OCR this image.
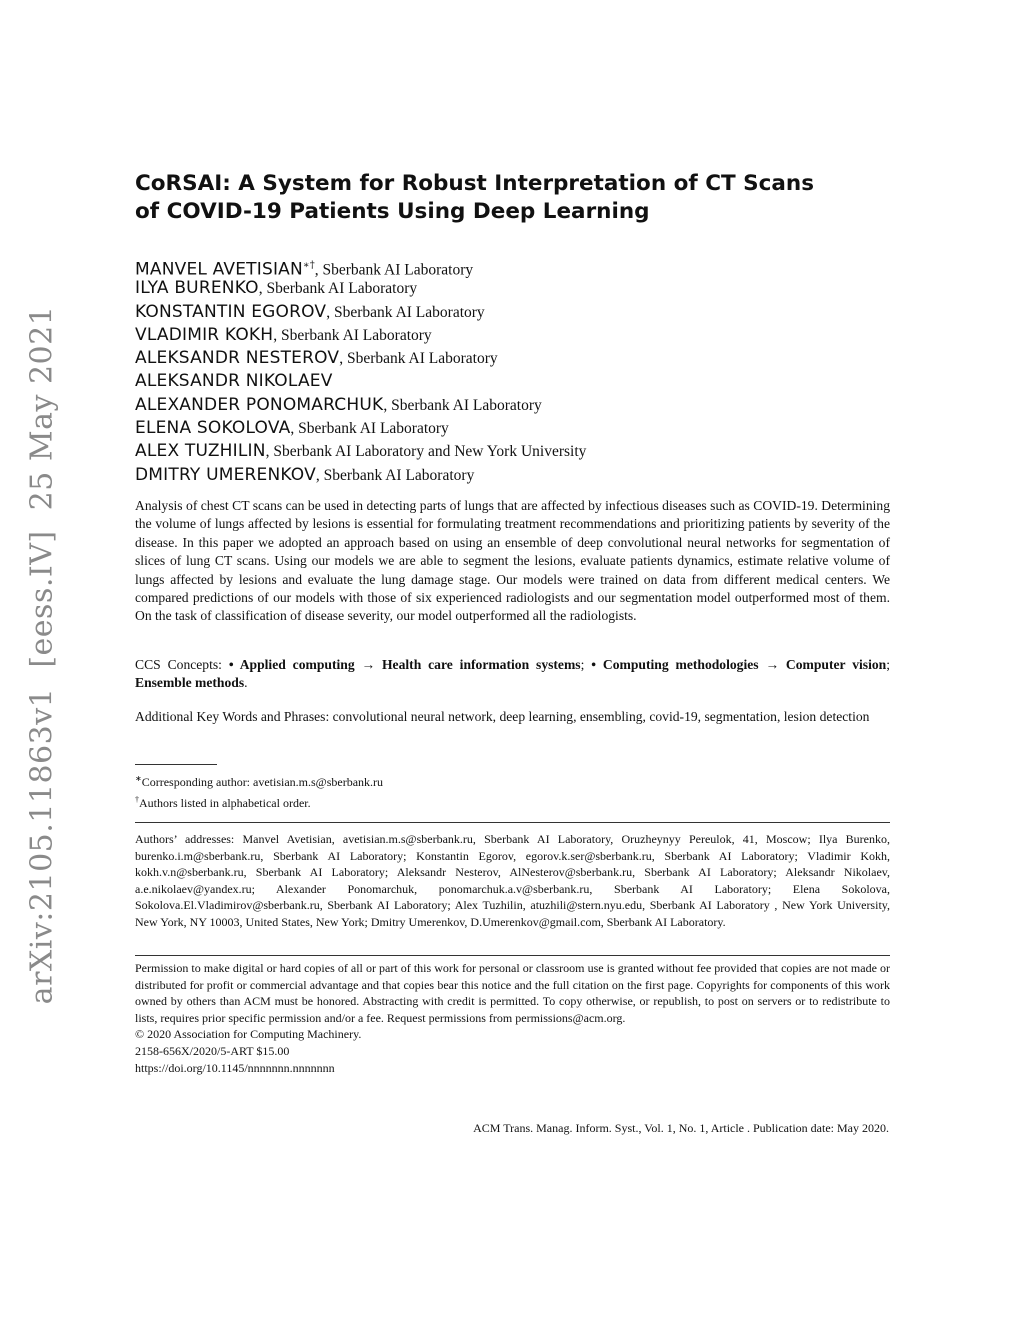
arXiv:2105.11863v1  [eess.IV]  25 May 2021
CoRSAI: A System for Robust Interpretation of CT Scans of COVID-19 Patients Using Deep Learning
MANVEL AVETISIAN∗†, Sberbank AI Laboratory
ILYA BURENKO, Sberbank AI Laboratory
KONSTANTIN EGOROV, Sberbank AI Laboratory
VLADIMIR KOKH, Sberbank AI Laboratory
ALEKSANDR NESTEROV, Sberbank AI Laboratory
ALEKSANDR NIKOLAEV
ALEXANDER PONOMARCHUK, Sberbank AI Laboratory
ELENA SOKOLOVA, Sberbank AI Laboratory
ALEX TUZHILIN, Sberbank AI Laboratory and New York University
DMITRY UMERENKOV, Sberbank AI Laboratory
Analysis of chest CT scans can be used in detecting parts of lungs that are affected by infectious diseases such as COVID-19. Determining the volume of lungs affected by lesions is essential for formulating treatment recommendations and prioritizing patients by severity of the disease. In this paper we adopted an approach based on using an ensemble of deep convolutional neural networks for segmentation of slices of lung CT scans. Using our models we are able to segment the lesions, evaluate patients dynamics, estimate relative volume of lungs affected by lesions and evaluate the lung damage stage. Our models were trained on data from different medical centers. We compared predictions of our models with those of six experienced radiologists and our segmentation model outperformed most of them. On the task of classification of disease severity, our model outperformed all the radiologists.
CCS Concepts: • Applied computing → Health care information systems; • Computing methodologies → Computer vision; Ensemble methods.
Additional Key Words and Phrases: convolutional neural network, deep learning, ensembling, covid-19, segmentation, lesion detection
∗Corresponding author: avetisian.m.s@sberbank.ru
†Authors listed in alphabetical order.
Authors’ addresses: Manvel Avetisian, avetisian.m.s@sberbank.ru, Sberbank AI Laboratory, Oruzheynyy Pereulok, 41, Moscow; Ilya Burenko, burenko.i.m@sberbank.ru, Sberbank AI Laboratory; Konstantin Egorov, egorov.k.ser@sberbank.ru, Sberbank AI Laboratory; Vladimir Kokh, kokh.v.n@sberbank.ru, Sberbank AI Laboratory; Aleksandr Nesterov, AlNesterov@sberbank.ru, Sberbank AI Laboratory; Aleksandr Nikolaev, a.e.nikolaev@yandex.ru; Alexander Ponomarchuk, ponomarchuk.a.v@sberbank.ru, Sberbank AI Laboratory; Elena Sokolova, Sokolova.El.Vladimirov@sberbank.ru, Sberbank AI Laboratory; Alex Tuzhilin, atuzhili@stern.nyu.edu, Sberbank AI Laboratory , New York University, New York, NY 10003, United States, New York; Dmitry Umerenkov, D.Umerenkov@gmail.com, Sberbank AI Laboratory.
Permission to make digital or hard copies of all or part of this work for personal or classroom use is granted without fee provided that copies are not made or distributed for profit or commercial advantage and that copies bear this notice and the full citation on the first page. Copyrights for components of this work owned by others than ACM must be honored. Abstracting with credit is permitted. To copy otherwise, or republish, to post on servers or to redistribute to lists, requires prior specific permission and/or a fee. Request permissions from permissions@acm.org.
© 2020 Association for Computing Machinery.
2158-656X/2020/5-ART $15.00
https://doi.org/10.1145/nnnnnnn.nnnnnnn
ACM Trans. Manag. Inform. Syst., Vol. 1, No. 1, Article . Publication date: May 2020.
